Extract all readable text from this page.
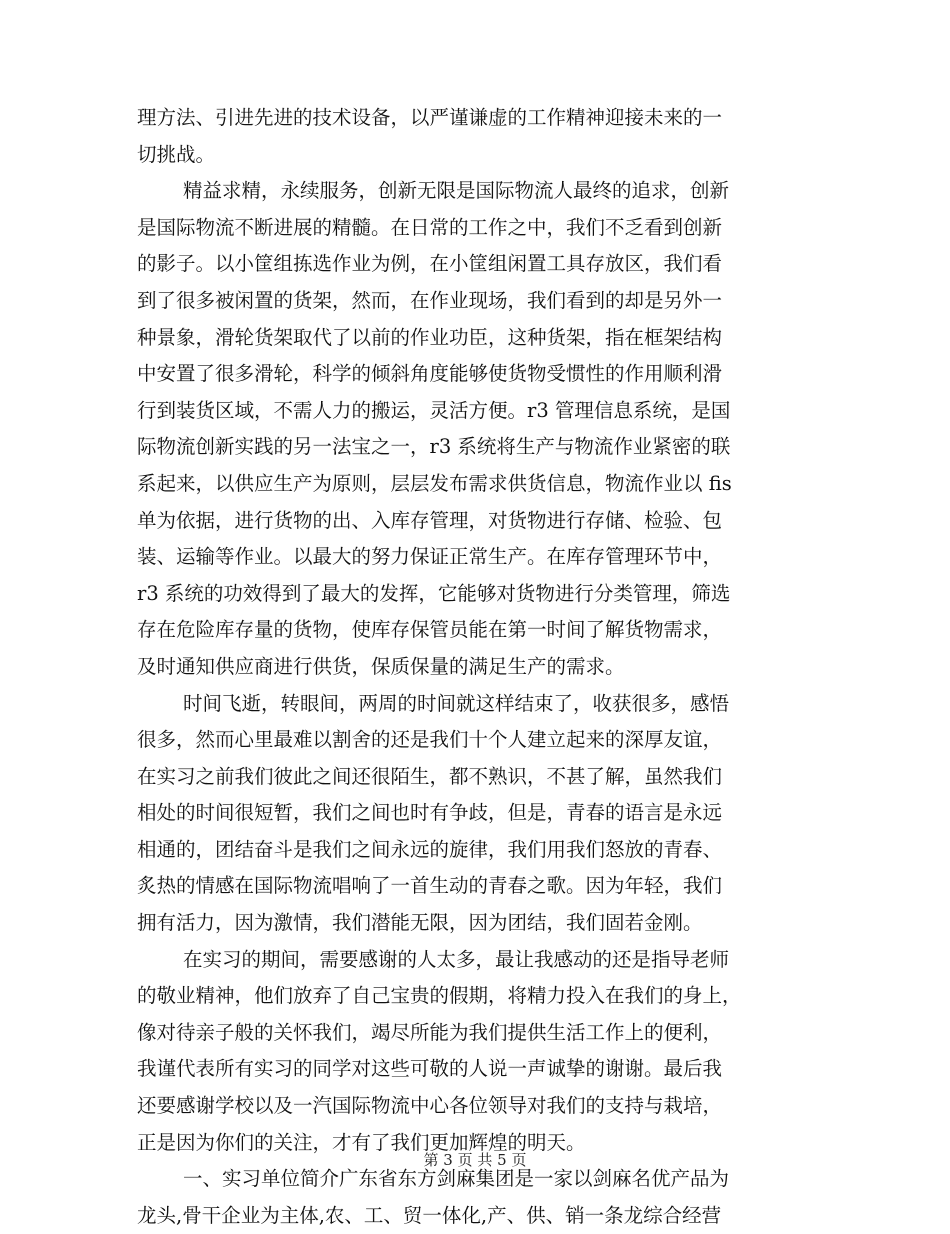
理方法、引进先进的技术设备，以严谨谦虚的工作精神迎接未来的一
切挑战。
精益求精，永续服务，创新无限是国际物流人最终的追求，创新
是国际物流不断进展的精髓。在日常的工作之中，我们不乏看到创新
的影子。以小筐组拣选作业为例，在小筐组闲置工具存放区，我们看
到了很多被闲置的货架，然而，在作业现场，我们看到的却是另外一
种景象，滑轮货架取代了以前的作业功臣，这种货架，指在框架结构
中安置了很多滑轮，科学的倾斜角度能够使货物受惯性的作用顺利滑
行到装货区域，不需人力的搬运，灵活方便。r3 管理信息系统，是国
际物流创新实践的另一法宝之一，r3 系统将生产与物流作业紧密的联
系起来，以供应生产为原则，层层发布需求供货信息，物流作业以 fis
单为依据，进行货物的出、入库存管理，对货物进行存储、检验、包
装、运输等作业。以最大的努力保证正常生产。在库存管理环节中，
r3 系统的功效得到了最大的发挥，它能够对货物进行分类管理，筛选
存在危险库存量的货物，使库存保管员能在第一时间了解货物需求，
及时通知供应商进行供货，保质保量的满足生产的需求。
时间飞逝，转眼间，两周的时间就这样结束了，收获很多，感悟
很多，然而心里最难以割舍的还是我们十个人建立起来的深厚友谊，
在实习之前我们彼此之间还很陌生，都不熟识，不甚了解，虽然我们
相处的时间很短暂，我们之间也时有争歧，但是，青春的语言是永远
相通的，团结奋斗是我们之间永远的旋律，我们用我们怒放的青春、
炙热的情感在国际物流唱响了一首生动的青春之歌。因为年轻，我们
拥有活力，因为激情，我们潜能无限，因为团结，我们固若金刚。
在实习的期间，需要感谢的人太多，最让我感动的还是指导老师
的敬业精神，他们放弃了自己宝贵的假期，将精力投入在我们的身上，
像对待亲子般的关怀我们，竭尽所能为我们提供生活工作上的便利，
我谨代表所有实习的同学对这些可敬的人说一声诚挚的谢谢。最后我
还要感谢学校以及一汽国际物流中心各位领导对我们的支持与栽培，
正是因为你们的关注，才有了我们更加辉煌的明天。
一、实习单位简介广东省东方剑麻集团是一家以剑麻名优产品为
龙头,骨干企业为主体,农、工、贸一体化,产、供、销一条龙综合经营
第 3 页 共 5 页
